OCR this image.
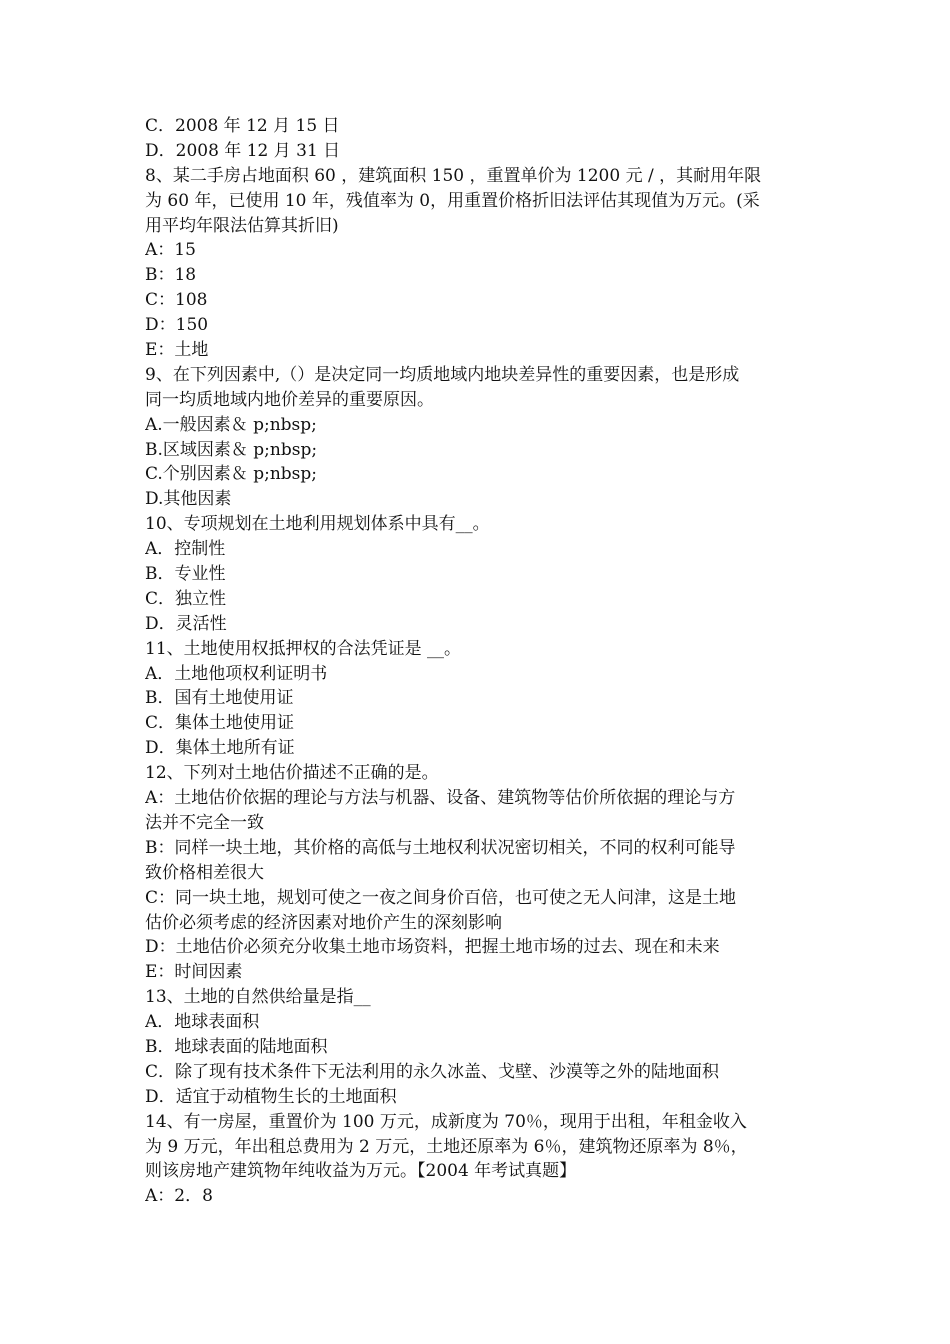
C．2008 年 12 月 15 日
D．2008 年 12 月 31 日
8、某二手房占地面积 60 ，建筑面积 150 ，重置单价为 1200 元 / ，其耐用年限
为 60 年，已使用 10 年，残值率为 0，用重置价格折旧法评估其现值为万元。(采
用平均年限法估算其折旧)
A：15
B：18
C：108
D：150
E：土地
9、在下列因素中,（）是决定同一均质地域内地块差异性的重要因素，也是形成
同一均质地域内地价差异的重要原因。
A.一般因素＆ p;nbsp;
B.区域因素＆ p;nbsp;
C.个别因素＆ p;nbsp;
D.其他因素
10、专项规划在土地利用规划体系中具有__。
A．控制性
B．专业性
C．独立性
D．灵活性
11、土地使用权抵押权的合法凭证是 __。
A．土地他项权利证明书
B．国有土地使用证
C．集体土地使用证
D．集体土地所有证
12、下列对土地估价描述不正确的是。
A：土地估价依据的理论与方法与机器、设备、建筑物等估价所依据的理论与方
法并不完全一致
B：同样一块土地，其价格的高低与土地权利状况密切相关，不同的权利可能导
致价格相差很大
C：同一块土地，规划可使之一夜之间身价百倍，也可使之无人问津，这是土地
估价必须考虑的经济因素对地价产生的深刻影响
D：土地估价必须充分收集土地市场资料，把握土地市场的过去、现在和未来
E：时间因素
13、土地的自然供给量是指__
A．地球表面积
B．地球表面的陆地面积
C．除了现有技术条件下无法利用的永久冰盖、戈壁、沙漠等之外的陆地面积
D．适宜于动植物生长的土地面积
14、有一房屋，重置价为 100 万元，成新度为 70％，现用于出租，年租金收入
为 9 万元，年出租总费用为 2 万元，土地还原率为 6％，建筑物还原率为 8％，
则该房地产建筑物年纯收益为万元。【2004 年考试真题】
A：2．8
